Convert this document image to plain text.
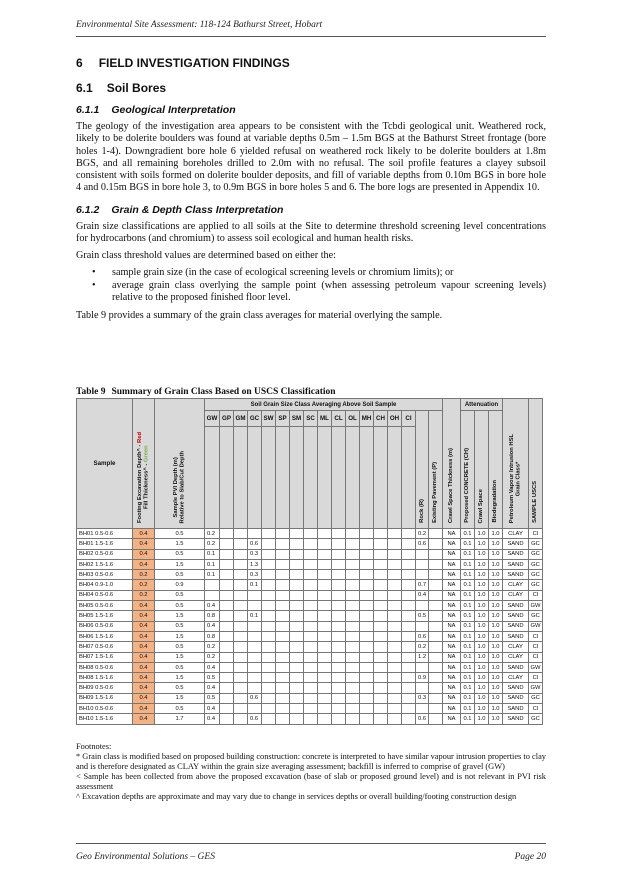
Environmental Site Assessment: 118-124 Bathurst Street, Hobart
6 FIELD INVESTIGATION FINDINGS
6.1 Soil Bores
6.1.1 Geological Interpretation

The geology of the investigation area appears to be consistent with the Tcbdi geological unit. Weathered rock, likely to be dolerite boulders was found at variable depths 0.5m – 1.5m BGS at the Bathurst Street frontage (bore holes 1-4). Downgradient bore hole 6 yielded refusal on weathered rock likely to be dolerite boulders at 1.8m BGS, and all remaining boreholes drilled to 2.0m with no refusal. The soil profile features a clayey subsoil consistent with soils formed on dolerite boulder deposits, and fill of variable depths from 0.10m BGS in bore hole 4 and 0.15m BGS in bore hole 3, to 0.9m BGS in bore holes 5 and 6. The bore logs are presented in Appendix 10.

6.1.2 Grain & Depth Class Interpretation

Grain size classifications are applied to all soils at the Site to determine threshold screening level concentrations for hydrocarbons (and chromium) to assess soil ecological and human health risks.

Grain class threshold values are determined based on either the:

• sample grain size (in the case of ecological screening levels or chromium limits); or
• average grain class overlying the sample point (when assessing petroleum vapour screening levels) relative to the proposed finished floor level.

Table 9 provides a summary of the grain class averages for material overlying the sample.

Table 9 Summary of Grain Class Based on USCS Classification
Sample	Footing Excavation Depth^ - Red
Fill Thickness^ - Green	Sample PVI Depth (m)
Relative to Slab/Cut Depth	Soil Grain Size Class Averaging Above Soil Sample																	Crawl Space Thickness (m)	Attenuation			Petroleum Vapour Intrusion HSL
Grain Class*	SAMPLE USCS
			GW	GP	GM	GC	SW	SP	SM	SC	ML	CL	OL	MH	CH	OH	CI	Rock (R)	Existing Pavement (P)		Proposed CONCRETE (CH)	Crawl Space	Biodegradation		

BH01 0.5-0.6	0.4	0.5	0.2															0.2		NA	0.1	1.0	1.0	CLAY	CI
BH01 1.5-1.6	0.4	1.5	0.2			0.6												0.6		NA	0.1	1.0	1.0	SAND	GC
BH02 0.5-0.6	0.4	0.5	0.1			0.3														NA	0.1	1.0	1.0	SAND	GC
BH02 1.5-1.6	0.4	1.5	0.1			1.3														NA	0.1	1.0	1.0	SAND	GC
BH03 0.5-0.6	0.2	0.5	0.1			0.3														NA	0.1	1.0	1.0	SAND	GC
BH04 0.9-1.0	0.2	0.9				0.1												0.7		NA	0.1	1.0	1.0	CLAY	GC
BH04 0.5-0.6	0.2	0.5																0.4		NA	0.1	1.0	1.0	CLAY	CI
BH05 0.5-0.6	0.4	0.5	0.4																	NA	0.1	1.0	1.0	SAND	GW
BH05 1.5-1.6	0.4	1.5	0.8			0.1												0.5		NA	0.1	1.0	1.0	SAND	GC
BH06 0.5-0.6	0.4	0.5	0.4																	NA	0.1	1.0	1.0	SAND	GW
BH06 1.5-1.6	0.4	1.5	0.8															0.6		NA	0.1	1.0	1.0	SAND	CI
BH07 0.5-0.6	0.4	0.5	0.2															0.2		NA	0.1	1.0	1.0	CLAY	CI
BH07 1.5-1.6	0.4	1.5	0.2															1.2		NA	0.1	1.0	1.0	CLAY	CI
BH08 0.5-0.6	0.4	0.5	0.4																	NA	0.1	1.0	1.0	SAND	GW
BH08 1.5-1.6	0.4	1.5	0.5															0.9		NA	0.1	1.0	1.0	CLAY	CI
BH09 0.5-0.6	0.4	0.5	0.4																	NA	0.1	1.0	1.0	SAND	GW
BH09 1.5-1.6	0.4	1.5	0.5			0.6												0.3		NA	0.1	1.0	1.0	SAND	GC
BH10 0.5-0.6	0.4	0.5	0.4																	NA	0.1	1.0	1.0	SAND	CI
BH10 1.5-1.6	0.4	1.7	0.4			0.6												0.6		NA	0.1	1.0	1.0	SAND	GC

Footnotes:

* Grain class is modified based on proposed building construction: concrete is interpreted to have similar vapour intrusion properties to clay and is therefore designated as CLAY within the grain size averaging assessment; backfill is inferred to comprise of gravel (GW)

< Sample has been collected from above the proposed excavation (base of slab or proposed ground level) and is not relevant in PVI risk assessment

^ Excavation depths are approximate and may vary due to change in services depths or overall building/footing construction design

Geo Environmental Solutions – GES	Page 20
